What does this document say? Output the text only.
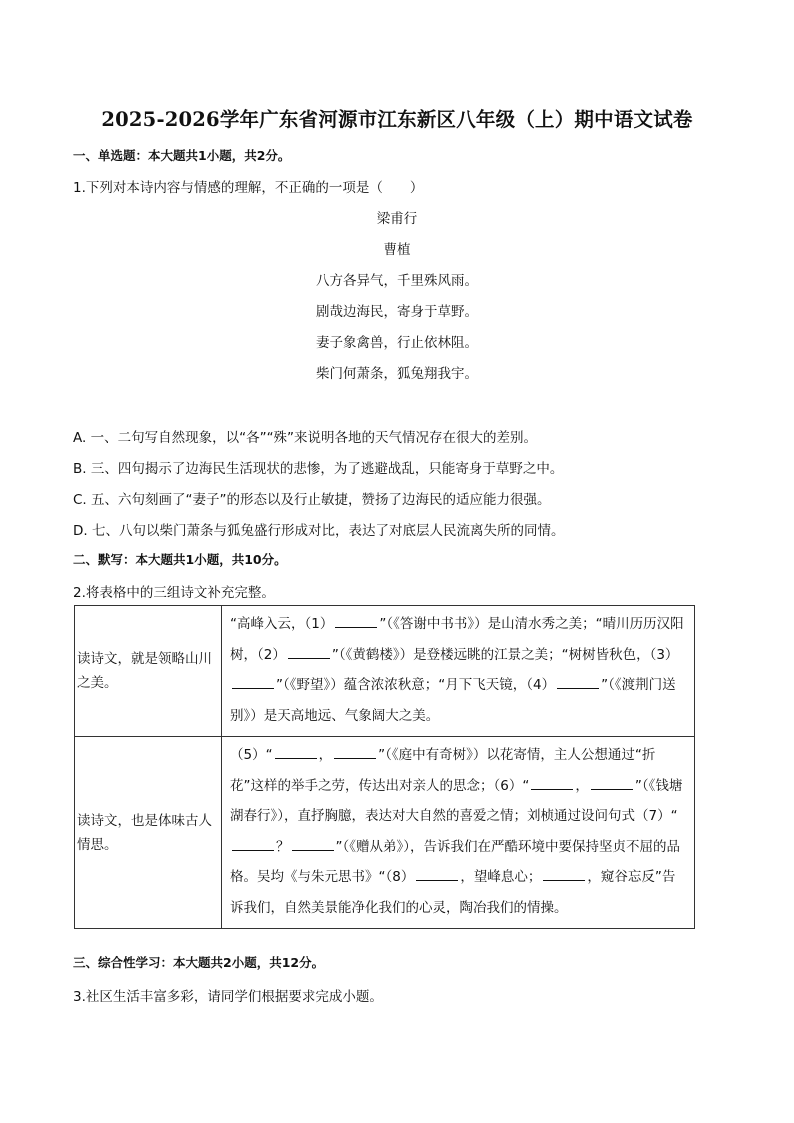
2025-2026学年广东省河源市江东新区八年级（上）期中语文试卷
一、单选题：本大题共1小题，共2分。
1.下列对本诗内容与情感的理解，不正确的一项是（　　）
梁甫行
曹植
八方各异气，千里殊风雨。
剧哉边海民，寄身于草野。
妻子象禽兽，行止依林阻。
柴门何萧条，狐兔翔我宇。
A. 一、二句写自然现象，以“各”“殊”来说明各地的天气情况存在很大的差别。
B. 三、四句揭示了边海民生活现状的悲惨，为了逃避战乱，只能寄身于草野之中。
C. 五、六句刻画了“妻子”的形态以及行止敏捷，赞扬了边海民的适应能力很强。
D. 七、八句以柴门萧条与狐兔盛行形成对比，表达了对底层人民流离失所的同情。
二、默写：本大题共1小题，共10分。
2.将表格中的三组诗文补充完整。
读诗文，就是领略山川之美。	“高峰入云，（1） ”（《答谢中书书》）是山清水秀之美；“晴川历历汉阳树，（2） ”（《黄鹤楼》）是登楼远眺的江景之美；“树树皆秋色，（3）”（《野望》）蕴含浓浓秋意；“月下飞天镜，（4） ”（《渡荆门送别》）是天高地远、气象阔大之美。
读诗文，也是体味古人情思。	（5）“ ， ”（《庭中有奇树》）以花寄情，主人公想通过“折花”这样的举手之劳，传达出对亲人的思念；（6）“ ， ”（《钱塘湖春行》），直抒胸臆，表达对大自然的喜爱之情；刘桢通过设问句式（7）“？ ”（《赠从弟》），告诉我们在严酷环境中要保持坚贞不屈的品格。吴均《与朱元思书》“（8） ，望峰息心； ，窥谷忘反”告诉我们，自然美景能净化我们的心灵，陶冶我们的情操。
三、综合性学习：本大题共2小题，共12分。
3.社区生活丰富多彩，请同学们根据要求完成小题。
